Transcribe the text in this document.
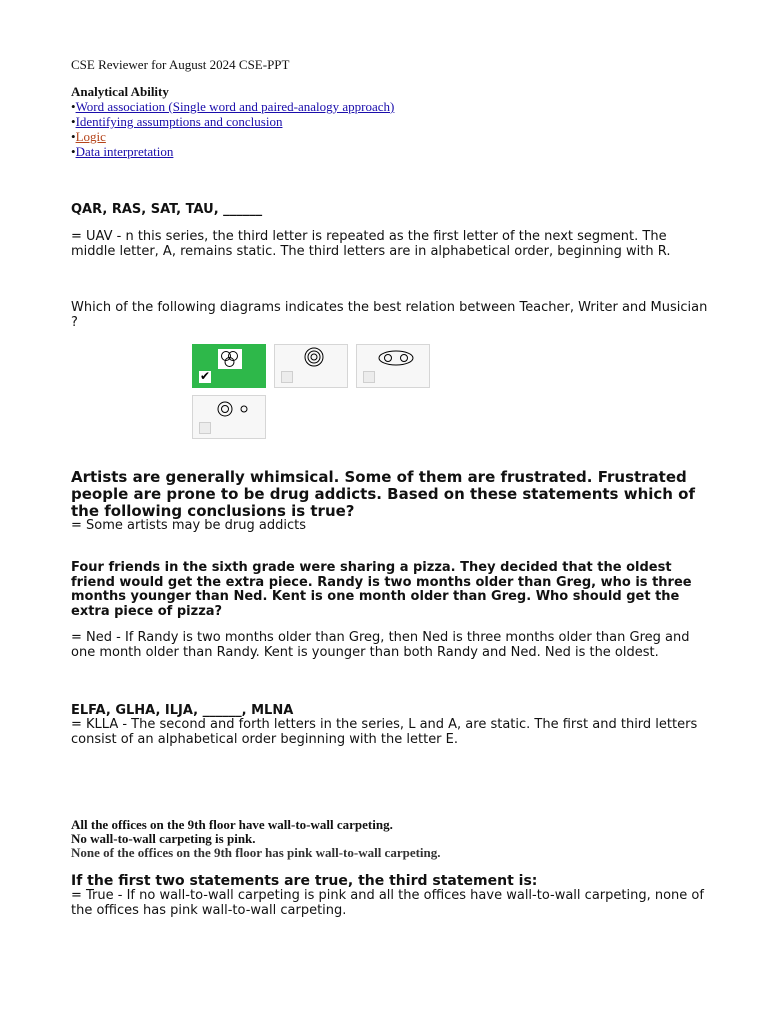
CSE Reviewer for August 2024 CSE-PPT
Analytical Ability
•Word association (Single word and paired-analogy approach)
•Identifying assumptions and conclusion
•Logic
•Data interpretation
QAR, RAS, SAT, TAU, ______
= UAV - n this series, the third letter is repeated as the first letter of the next segment. The middle letter, A, remains static. The third letters are in alphabetical order, beginning with R.
Which of the following diagrams indicates the best relation between Teacher, Writer and Musician ?
✔
Artists are generally whimsical. Some of them are frustrated. Frustrated people are prone to be drug addicts. Based on these statements which of the following conclusions is true?
= Some artists may be drug addicts
Four friends in the sixth grade were sharing a pizza. They decided that the oldest friend would get the extra piece. Randy is two months older than Greg, who is three months younger than Ned. Kent is one month older than Greg. Who should get the extra piece of pizza?
= Ned - If Randy is two months older than Greg, then Ned is three months older than Greg and one month older than Randy. Kent is younger than both Randy and Ned. Ned is the oldest.
ELFA, GLHA, ILJA, ______, MLNA
= KLLA - The second and forth letters in the series, L and A, are static. The first and third letters consist of an alphabetical order beginning with the letter E.
All the offices on the 9th floor have wall-to-wall carpeting.
No wall-to-wall carpeting is pink.
None of the offices on the 9th floor has pink wall-to-wall carpeting.
If the first two statements are true, the third statement is:
= True - If no wall-to-wall carpeting is pink and all the offices have wall-to-wall carpeting, none of the offices has pink wall-to-wall carpeting.
